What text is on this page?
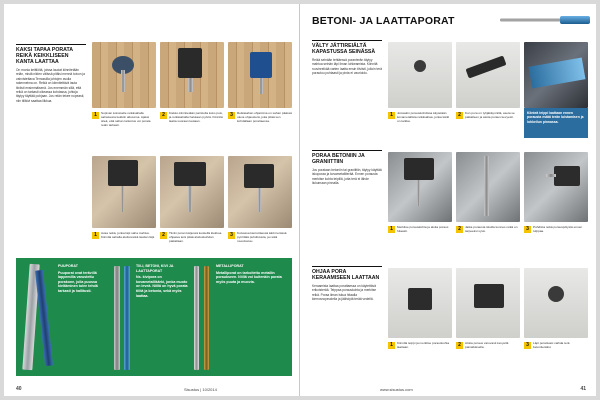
KAKSI TAPAA PORATA REIKÄ KEIKKLISEEN KANTA LAATTAA
On monia keittiöitä, joissa laudat kiinnitetään reiän, mistä niiden välissä pitäisi mennä toivon ja vahvistettava Terrassilla johtojen avulla rakennelma on. Reikä on kiinnitettävä lauta tiiviisti ensimmäisenä. Jos enemmän sillä, että reikä on tarkasti oikeassa kohdassa, johtoja täytyy täyttää pohjaan. Jos reiän tekee nopeasti, niin tiilikivi saattaa liikkua.
1	Sopivan kokoiselle reikäsahalle sahaisesta kekkiin alkuunsa. Ajaksi sileä, että sahan tarkoitus voi porata reiän tarkasti.
2	Kiekko kiinnitetään paristolla koko pois, ja reikäsahalla halutaan pyöriä. Kiinnitä laatta suoraan lautaan.
3	Reikäsahan ohjaimina on sahan päässä oleva ohjausterä, joka pitää sen kohdallaan porattaessa.
1	Avaa reikä, jonka läpi saha mahtuu. Kiinnitä sahalla aloitusreikä laudan läpi.	2	Tiiviin poran kärjessä keskellä kiekkoa ohjaava terä pitää aloituskohdan paikallaan.
3	Kuivassa kierrettäessä kärki terässä pyörittää puhdistusta, ja reikä muodostuu.
PUUPORAT
Puuporat ovat terävillä lappemilla varustettu porakone, jolla puussa kieltäminen tulee tehdä tarkasti ja hallitusti.
TIILI, BETONI, KIVI JA LAATTAPORAT
Ns. kivipora on kovametallikärki, jonka muoto on leveä. Niillä on hyvä porata tiiltä ja betonia, sekä myös laattaa.
METALLIPORAT
Metalliporat on tarkoitettu metallin poraukseen. Niillä voi kuitenkin porata myös puuta ja muovia.
40	Sisustus | 10/2014
BETONI- JA LAATTAPORAT
VÄLTY JÄTTIREIÄLTÄ KAPASTUSSA SEINÄSSÄ
Reikä seinään tehtäessä poranterän täytyy mahtua seinän läpi ilman lohkeamista. Kiinnitä ruuvinreikää varten laatta ensin tiiviisti, jolloin terä porautuu puhtaasti ja pinta ei vaurioidu.
1	Joissakin porauskohdissa käytetään kovametallista reikäsahaa, jonka kärki on tarkka.
2	Kun pora on tyhjäkäynnillä, aseta se paikalleen ja aloita poraus kevyesti.
Kiinteä teippi laattaan ennen porausta estää terän luistamisen ja lohkeilun pinnassa.
PORAA BETONIIN JA GRANIITTIIN
Jos porataan betoniin tai graniittiin, täytyy käyttää iskuporaa ja kovametalliterää. Ennen porausta merkitse kohta teipillä, jotta terä ei lähde liukumaan pinnalla.
1	Merkitse porauskohta ja aloita poraus hitaasti.	2	Jatka porausta iskulla kunnes reikä on tarpeeksi syvä.	3	Puhdista reikä porauspölystä ennen tulppaa.
OHJAA PORA KERAAMISEEN LAATTAAN
Keraamista laattaa porattaessa on käytettävä erikoisterää. Teippaa porauskohta ja merkitse reikä. Poraa ilman iskua hitaalla kierrosnopeudella ja jäähdytä terää vedellä.
1	Kiinnitä teippi ja merkitse porauskohta laattaan.	2	Aloita poraus varovasti kevyellä painalluksella.	3	Läpi porattuasi vaihda terä betoniteräksi.
www.sisustus.com	41
